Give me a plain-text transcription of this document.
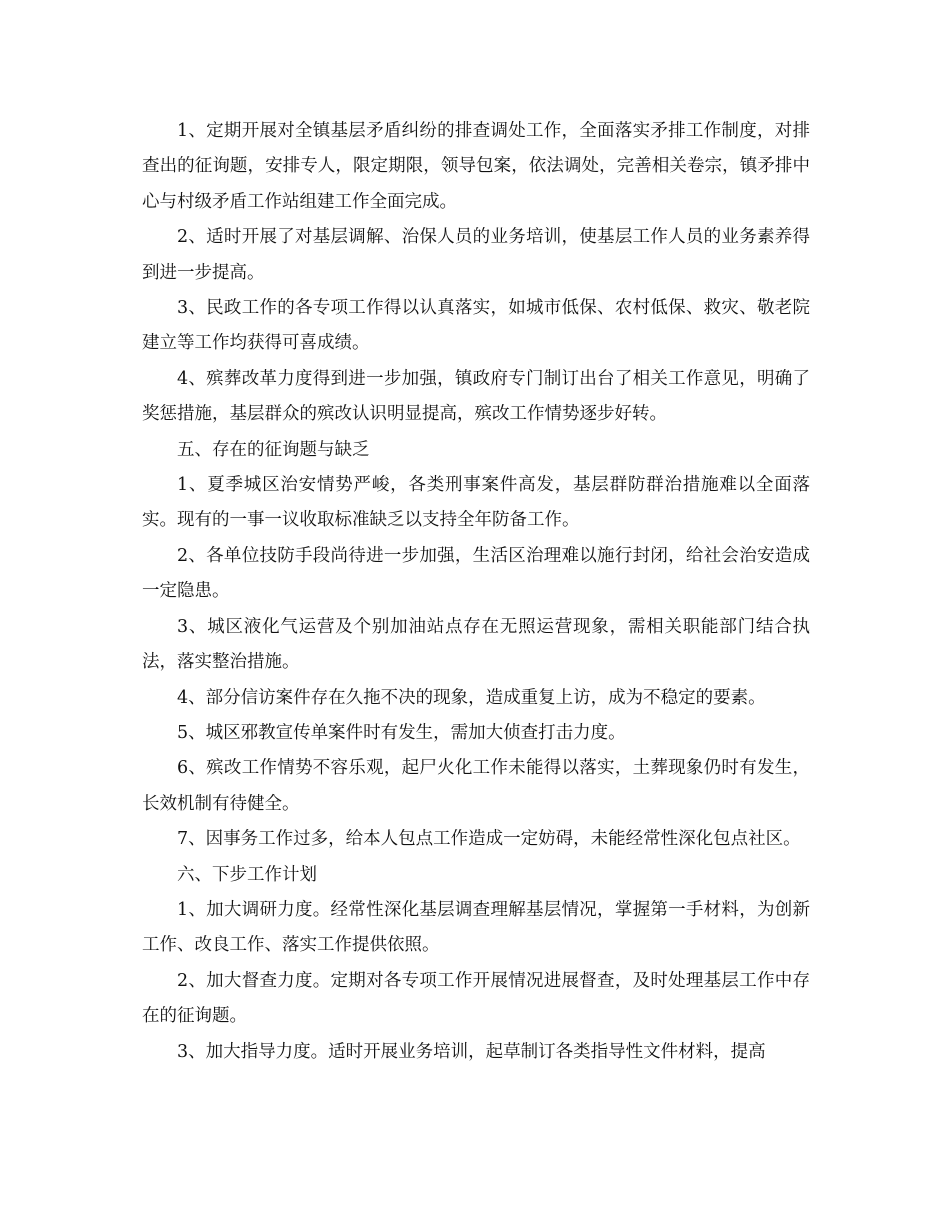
1、定期开展对全镇基层矛盾纠纷的排查调处工作，全面落实矛排工作制度，对排查出的征询题，安排专人，限定期限，领导包案，依法调处，完善相关卷宗，镇矛排中心与村级矛盾工作站组建工作全面完成。

2、适时开展了对基层调解、治保人员的业务培训，使基层工作人员的业务素养得到进一步提高。

3、民政工作的各专项工作得以认真落实，如城市低保、农村低保、救灾、敬老院建立等工作均获得可喜成绩。

4、殡葬改革力度得到进一步加强，镇政府专门制订出台了相关工作意见，明确了奖惩措施，基层群众的殡改认识明显提高，殡改工作情势逐步好转。

五、存在的征询题与缺乏

1、夏季城区治安情势严峻，各类刑事案件高发，基层群防群治措施难以全面落实。现有的一事一议收取标准缺乏以支持全年防备工作。

2、各单位技防手段尚待进一步加强，生活区治理难以施行封闭，给社会治安造成一定隐患。

3、城区液化气运营及个别加油站点存在无照运营现象，需相关职能部门结合执法，落实整治措施。

4、部分信访案件存在久拖不决的现象，造成重复上访，成为不稳定的要素。

5、城区邪教宣传单案件时有发生，需加大侦查打击力度。

6、殡改工作情势不容乐观，起尸火化工作未能得以落实，土葬现象仍时有发生，长效机制有待健全。

7、因事务工作过多，给本人包点工作造成一定妨碍，未能经常性深化包点社区。

六、下步工作计划

1、加大调研力度。经常性深化基层调查理解基层情况，掌握第一手材料，为创新工作、改良工作、落实工作提供依照。

2、加大督查力度。定期对各专项工作开展情况进展督查，及时处理基层工作中存在的征询题。

3、加大指导力度。适时开展业务培训，起草制订各类指导性文件材料，提高
